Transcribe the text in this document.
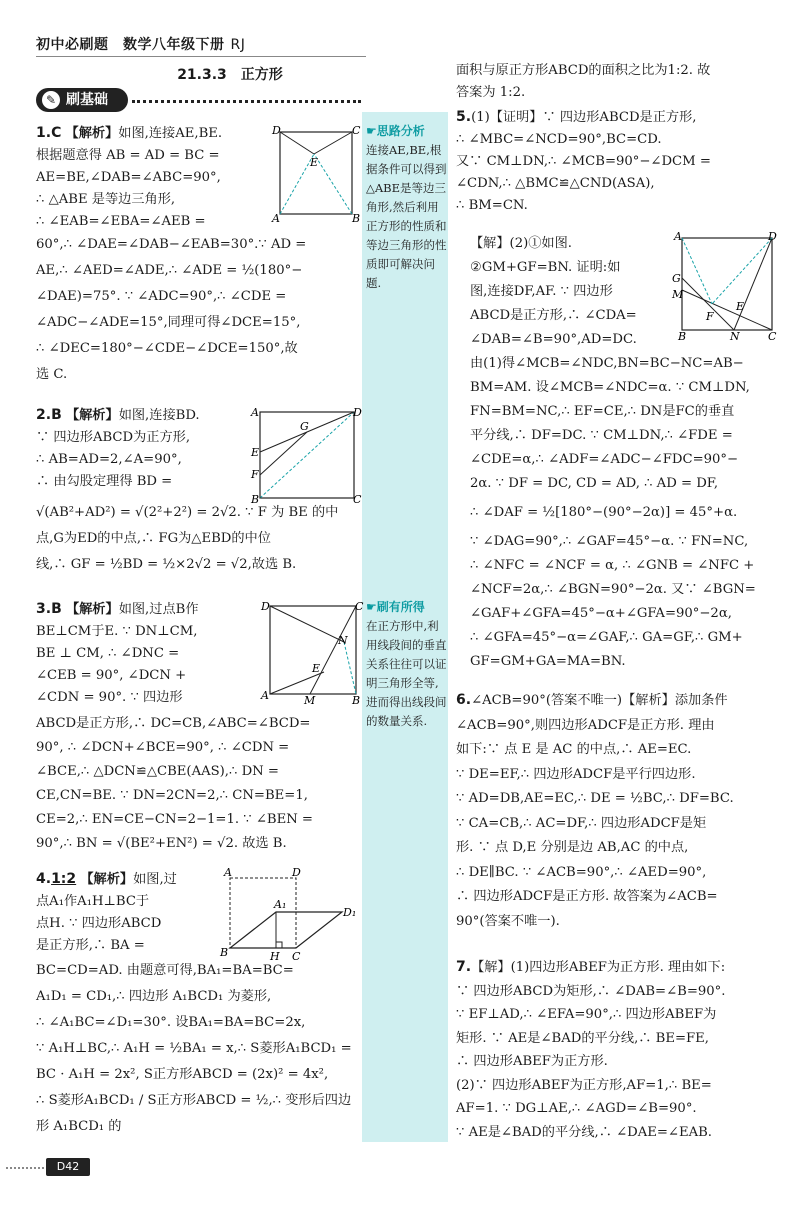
初中必刷题　数学八年级下册 RJ
21.3.3　正方形
✎ 刷基础
☛思路分析
连接AE,BE,根据条件可以得到△ABE是等边三角形,然后利用正方形的性质和等边三角形的性质即可解决问题.
☛刷有所得
在正方形中,利用线段间的垂直关系往往可以证明三角形全等,进而得出线段间的数量关系.
D	C
E
A	B
A	D
G
E
F
B	C
D	C
N
E
A	M	B
A	D
D₁
A₁
B	H C
A	D
G
M
E
F
B	N	C

1.C 【解析】如图,连接AE,BE.

根据题意得 AB = AD = BC =

AE=BE,∠DAB=∠ABC=90°,

∴ △ABE 是等边三角形,

∴ ∠EAB=∠EBA=∠AEB =

60°,∴ ∠DAE=∠DAB−∠EAB=30°.∵ AD =

AE,∴ ∠AED=∠ADE,∴ ∠ADE = ½(180°−

∠DAE)=75°. ∵ ∠ADC=90°,∴ ∠CDE =

∠ADC−∠ADE=15°,同理可得∠DCE=15°,

∴ ∠DEC=180°−∠CDE−∠DCE=150°,故

选 C.

2.B 【解析】如图,连接BD.

∵ 四边形ABCD为正方形,

∴ AB=AD=2,∠A=90°,

∴ 由勾股定理得 BD =

√(AB²+AD²) = √(2²+2²) = 2√2. ∵ F 为 BE 的中

点,G为ED的中点,∴ FG为△EBD的中位

线,∴ GF = ½BD = ½×2√2 = √2,故选 B.

3.B 【解析】如图,过点B作

BE⊥CM于E. ∵ DN⊥CM,

BE ⊥ CM, ∴ ∠DNC =

∠CEB = 90°, ∠DCN +

∠CDN = 90°. ∵ 四边形

ABCD是正方形,∴ DC=CB,∠ABC=∠BCD=

90°, ∴ ∠DCN+∠BCE=90°, ∴ ∠CDN =

∠BCE,∴ △DCN≌△CBE(AAS),∴ DN =

CE,CN=BE. ∵ DN=2CN=2,∴ CN=BE=1,

CE=2,∴ EN=CE−CN=2−1=1. ∵ ∠BEN =

90°,∴ BN = √(BE²+EN²) = √2. 故选 B.

4.1:2 【解析】如图,过

点A₁作A₁H⊥BC于

点H. ∵ 四边形ABCD

是正方形,∴ BA =

BC=CD=AD. 由题意可得,BA₁=BA=BC=

A₁D₁ = CD₁,∴ 四边形 A₁BCD₁ 为菱形,

∴ ∠A₁BC=∠D₁=30°. 设BA₁=BA=BC=2x,

∵ A₁H⊥BC,∴ A₁H = ½BA₁ = x,∴ S菱形A₁BCD₁ =

BC · A₁H = 2x², S正方形ABCD = (2x)² = 4x²,

∴ S菱形A₁BCD₁ / S正方形ABCD = ½,∴ 变形后四边形 A₁BCD₁ 的

面积与原正方形ABCD的面积之比为1:2. 故

答案为 1:2.

5.(1)【证明】∵ 四边形ABCD是正方形,

∴ ∠MBC=∠NCD=90°,BC=CD.

又∵ CM⊥DN,∴ ∠MCB=90°−∠DCM =

∠CDN,∴ △BMC≌△CND(ASA),

∴ BM=CN.

【解】(2)①如图.

②GM+GF=BN. 证明:如

图,连接DF,AF. ∵ 四边形

ABCD是正方形,∴ ∠CDA=

∠DAB=∠B=90°,AD=DC.

由(1)得∠MCB=∠NDC,BN=BC−NC=AB−

BM=AM. 设∠MCB=∠NDC=α. ∵ CM⊥DN,

FN=BM=NC,∴ EF=CE,∴ DN是FC的垂直

平分线,∴ DF=DC. ∵ CM⊥DN,∴ ∠FDE =

∠CDE=α,∴ ∠ADF=∠ADC−∠FDC=90°−

2α. ∵ DF = DC, CD = AD, ∴ AD = DF,

∴ ∠DAF = ½[180°−(90°−2α)] = 45°+α.

∵ ∠DAG=90°,∴ ∠GAF=45°−α. ∵ FN=NC,

∴ ∠NFC = ∠NCF = α, ∴ ∠GNB = ∠NFC +

∠NCF=2α,∴ ∠BGN=90°−2α. 又∵ ∠BGN=

∠GAF+∠GFA=45°−α+∠GFA=90°−2α,

∴ ∠GFA=45°−α=∠GAF,∴ GA=GF,∴ GM+

GF=GM+GA=MA=BN.

6.∠ACB=90°(答案不唯一)【解析】添加条件

∠ACB=90°,则四边形ADCF是正方形. 理由

如下:∵ 点 E 是 AC 的中点,∴ AE=EC.

∵ DE=EF,∴ 四边形ADCF是平行四边形.

∵ AD=DB,AE=EC,∴ DE = ½BC,∴ DF=BC.

∵ CA=CB,∴ AC=DF,∴ 四边形ADCF是矩

形. ∵ 点 D,E 分别是边 AB,AC 的中点,

∴ DE∥BC. ∵ ∠ACB=90°,∴ ∠AED=90°,

∴ 四边形ADCF是正方形. 故答案为∠ACB=

90°(答案不唯一).

7.【解】(1)四边形ABEF为正方形. 理由如下:

∵ 四边形ABCD为矩形,∴ ∠DAB=∠B=90°.

∵ EF⊥AD,∴ ∠EFA=90°,∴ 四边形ABEF为

矩形. ∵ AE是∠BAD的平分线,∴ BE=FE,

∴ 四边形ABEF为正方形.

(2)∵ 四边形ABEF为正方形,AF=1,∴ BE=

AF=1. ∵ DG⊥AE,∴ ∠AGD=∠B=90°.

∵ AE是∠BAD的平分线,∴ ∠DAE=∠EAB.

D42
